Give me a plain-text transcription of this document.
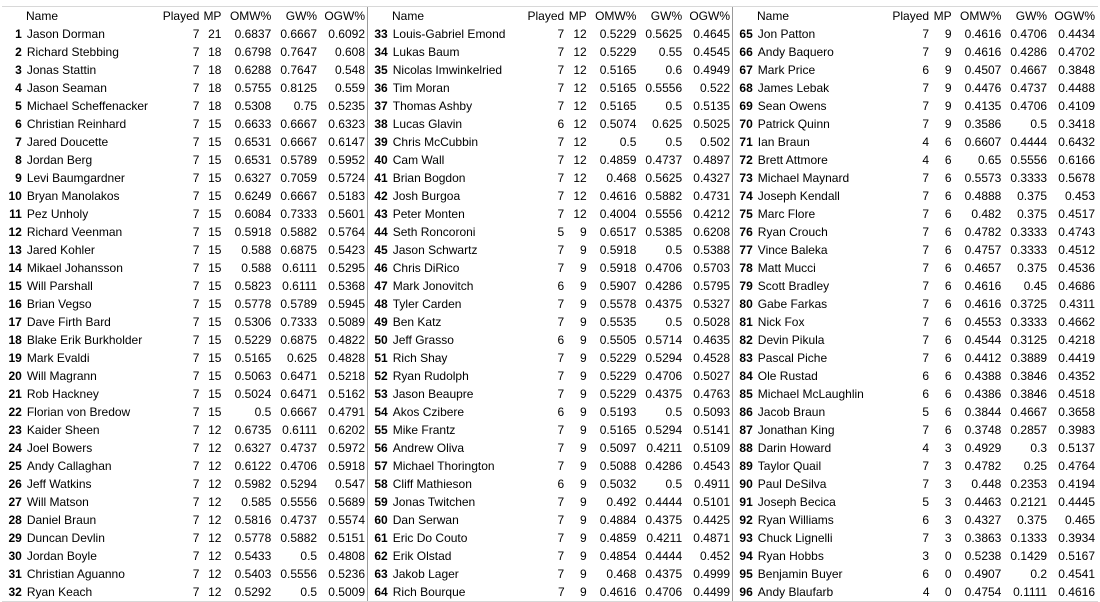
Name		Played	MP	OMW%	GW%	OGW%
1	Jason Dorman	7	21	0.6837	0.6667	0.6092
2	Richard Stebbing	7	18	0.6798	0.7647	0.608
3	Jonas Stattin	7	18	0.6288	0.7647	0.548
4	Jason Seaman	7	18	0.5755	0.8125	0.559
5	Michael Scheffenacker	7	18	0.5308	0.75	0.5235
6	Christian Reinhard	7	15	0.6633	0.6667	0.6323
7	Jared Doucette	7	15	0.6531	0.6667	0.6147
8	Jordan Berg	7	15	0.6531	0.5789	0.5952
9	Levi Baumgardner	7	15	0.6327	0.7059	0.5724
10	Bryan Manolakos	7	15	0.6249	0.6667	0.5183
11	Pez Unholy	7	15	0.6084	0.7333	0.5601
12	Richard Veenman	7	15	0.5918	0.5882	0.5764
13	Jared Kohler	7	15	0.588	0.6875	0.5423
14	Mikael Johansson	7	15	0.588	0.6111	0.5295
15	Will Parshall	7	15	0.5823	0.6111	0.5368
16	Brian Vegso	7	15	0.5778	0.5789	0.5945
17	Dave Firth Bard	7	15	0.5306	0.7333	0.5089
18	Blake Erik Burkholder	7	15	0.5229	0.6875	0.4822
19	Mark Evaldi	7	15	0.5165	0.625	0.4828
20	Will Magrann	7	15	0.5063	0.6471	0.5218
21	Rob Hackney	7	15	0.5024	0.6471	0.5162
22	Florian von Bredow	7	15	0.5	0.6667	0.4791
23	Kaider Sheen	7	12	0.6735	0.6111	0.6202
24	Joel Bowers	7	12	0.6327	0.4737	0.5972
25	Andy Callaghan	7	12	0.6122	0.4706	0.5918
26	Jeff Watkins	7	12	0.5982	0.5294	0.547
27	Will Matson	7	12	0.585	0.5556	0.5689
28	Daniel Braun	7	12	0.5816	0.4737	0.5574
29	Duncan Devlin	7	12	0.5778	0.5882	0.5151
30	Jordan Boyle	7	12	0.5433	0.5	0.4808
31	Christian Aguanno	7	12	0.5403	0.5556	0.5236
32	Ryan Keach	7	12	0.5292	0.5	0.5009
Name		Played	MP	OMW%	GW%	OGW%
33	Louis-Gabriel Emond	7	12	0.5229	0.5625	0.4645
34	Lukas Baum	7	12	0.5229	0.55	0.4545
35	Nicolas Imwinkelried	7	12	0.5165	0.6	0.4949
36	Tim Moran	7	12	0.5165	0.5556	0.522
37	Thomas Ashby	7	12	0.5165	0.5	0.5135
38	Lucas Glavin	6	12	0.5074	0.625	0.5025
39	Chris McCubbin	7	12	0.5	0.5	0.502
40	Cam Wall	7	12	0.4859	0.4737	0.4897
41	Brian Bogdon	7	12	0.468	0.5625	0.4327
42	Josh Burgoa	7	12	0.4616	0.5882	0.4731
43	Peter Monten	7	12	0.4004	0.5556	0.4212
44	Seth Roncoroni	5	9	0.6517	0.5385	0.6208
45	Jason Schwartz	7	9	0.5918	0.5	0.5388
46	Chris DiRico	7	9	0.5918	0.4706	0.5703
47	Mark Jonovitch	6	9	0.5907	0.4286	0.5795
48	Tyler Carden	7	9	0.5578	0.4375	0.5327
49	Ben Katz	7	9	0.5535	0.5	0.5028
50	Jeff Grasso	6	9	0.5505	0.5714	0.4635
51	Rich Shay	7	9	0.5229	0.5294	0.4528
52	Ryan Rudolph	7	9	0.5229	0.4706	0.5027
53	Jason Beaupre	7	9	0.5229	0.4375	0.4763
54	Akos Czibere	6	9	0.5193	0.5	0.5093
55	Mike Frantz	7	9	0.5165	0.5294	0.5141
56	Andrew Oliva	7	9	0.5097	0.4211	0.5109
57	Michael Thorington	7	9	0.5088	0.4286	0.4543
58	Cliff Mathieson	6	9	0.5032	0.5	0.4911
59	Jonas Twitchen	7	9	0.492	0.4444	0.5101
60	Dan Serwan	7	9	0.4884	0.4375	0.4425
61	Eric Do Couto	7	9	0.4859	0.4211	0.4871
62	Erik Olstad	7	9	0.4854	0.4444	0.452
63	Jakob Lager	7	9	0.468	0.4375	0.4999
64	Rich Bourque	7	9	0.4616	0.4706	0.4499
Name		Played	MP	OMW%	GW%	OGW%
65	Jon Patton	7	9	0.4616	0.4706	0.4434
66	Andy Baquero	7	9	0.4616	0.4286	0.4702
67	Mark Price	6	9	0.4507	0.4667	0.3848
68	James Lebak	7	9	0.4476	0.4737	0.4488
69	Sean Owens	7	9	0.4135	0.4706	0.4109
70	Patrick Quinn	7	9	0.3586	0.5	0.3418
71	Ian Braun	4	6	0.6607	0.4444	0.6432
72	Brett Attmore	4	6	0.65	0.5556	0.6166
73	Michael Maynard	7	6	0.5573	0.3333	0.5678
74	Joseph Kendall	7	6	0.4888	0.375	0.453
75	Marc Flore	7	6	0.482	0.375	0.4517
76	Ryan Crouch	7	6	0.4782	0.3333	0.4743
77	Vince Baleka	7	6	0.4757	0.3333	0.4512
78	Matt Mucci	7	6	0.4657	0.375	0.4536
79	Scott Bradley	7	6	0.4616	0.45	0.4686
80	Gabe Farkas	7	6	0.4616	0.3725	0.4311
81	Nick Fox	7	6	0.4553	0.3333	0.4662
82	Devin Pikula	7	6	0.4544	0.3125	0.4218
83	Pascal Piche	7	6	0.4412	0.3889	0.4419
84	Ole Rustad	6	6	0.4388	0.3846	0.4352
85	Michael McLaughlin	6	6	0.4386	0.3846	0.4518
86	Jacob Braun	5	6	0.3844	0.4667	0.3658
87	Jonathan King	7	6	0.3748	0.2857	0.3983
88	Darin Howard	4	3	0.4929	0.3	0.5137
89	Taylor Quail	7	3	0.4782	0.25	0.4764
90	Paul DeSilva	7	3	0.448	0.2353	0.4194
91	Joseph Becica	5	3	0.4463	0.2121	0.4445
92	Ryan Williams	6	3	0.4327	0.375	0.465
93	Chuck Lignelli	7	3	0.3863	0.1333	0.3934
94	Ryan Hobbs	3	0	0.5238	0.1429	0.5167
95	Benjamin Buyer	6	0	0.4907	0.2	0.4541
96	Andy Blaufarb	4	0	0.4754	0.1111	0.4616
